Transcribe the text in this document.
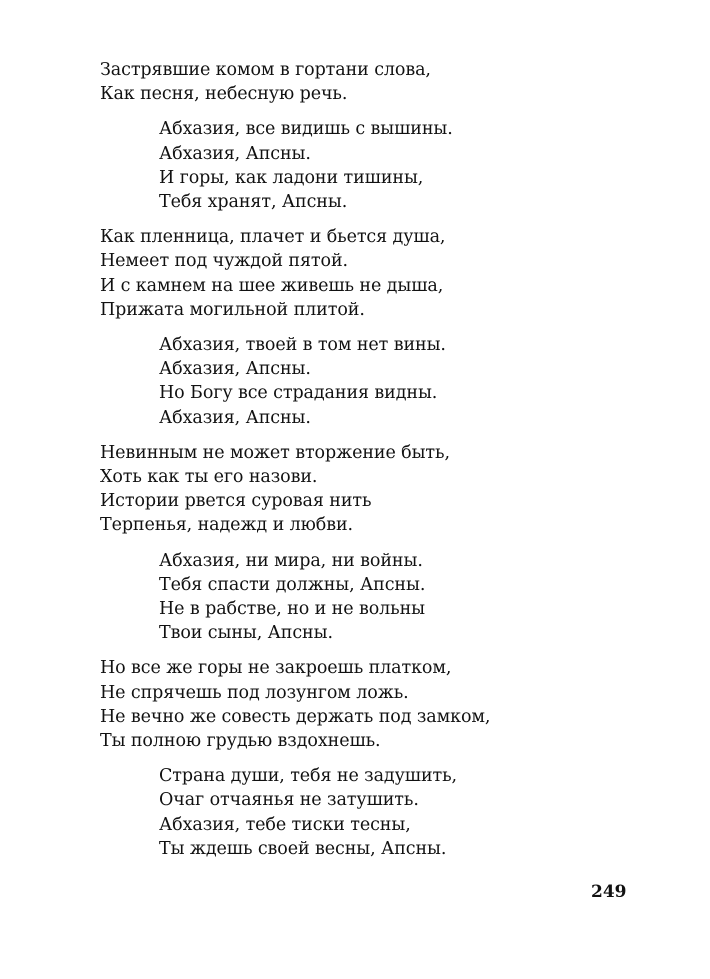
Застрявшие комом в гортани слова,
Как песня, небесную речь.
Абхазия, все видишь с вышины.
Абхазия, Апсны.
И горы, как ладони тишины,
Тебя хранят, Апсны.
Как пленница, плачет и бьется душа,
Немеет под чуждой пятой.
И с камнем на шее живешь не дыша,
Прижата могильной плитой.
Абхазия, твоей в том нет вины.
Абхазия, Апсны.
Но Богу все страдания видны.
Абхазия, Апсны.
Невинным не может вторжение быть,
Хоть как ты его назови.
Истории рвется суровая нить
Терпенья, надежд и любви.
Абхазия, ни мира, ни войны.
Тебя спасти должны, Апсны.
Не в рабстве, но и не вольны
Твои сыны, Апсны.
Но все же горы не закроешь платком,
Не спрячешь под лозунгом ложь.
Не вечно же совесть держать под замком,
Ты полною грудью вздохнешь.
Страна души, тебя не задушить,
Очаг отчаянья не затушить.
Абхазия, тебе тиски тесны,
Ты ждешь своей весны, Апсны.
249
